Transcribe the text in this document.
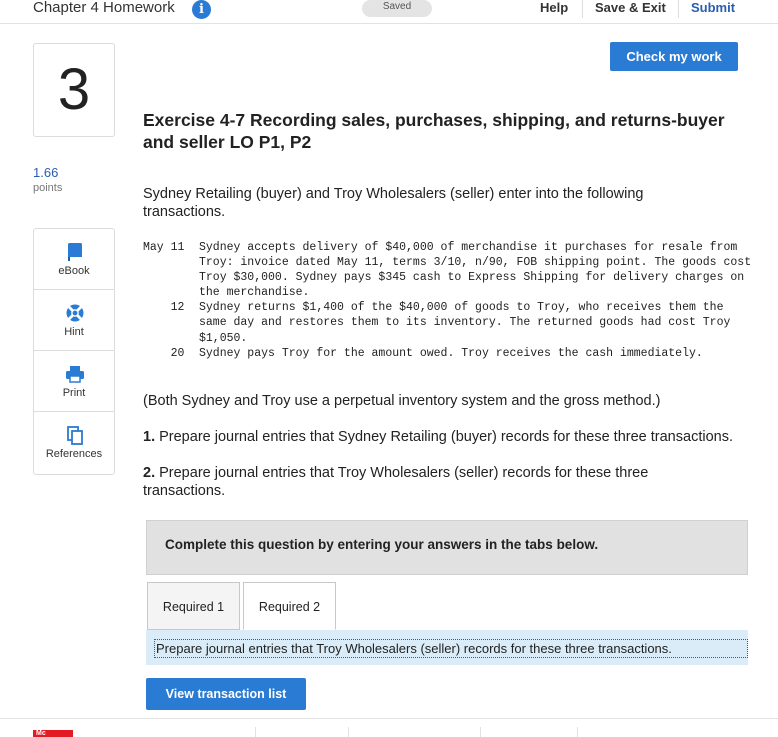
Chapter 4 Homework	i	Saved	Help Save & Exit Submit
3
1.66
points
eBook
Hint
Print
References
Check my work
Exercise 4-7 Recording sales, purchases, shipping, and returns-buyer and seller LO P1, P2
Sydney Retailing (buyer) and Troy Wholesalers (seller) enter into the following transactions.
May 11	Sydney accepts delivery of $40,000 of merchandise it purchases for resale from Troy: invoice dated May 11, terms 3/10, n/90, FOB shipping point. The goods cost Troy $30,000. Sydney pays $345 cash to Express Shipping for delivery charges on the merchandise.
12	Sydney returns $1,400 of the $40,000 of goods to Troy, who receives them the same day and restores them to its inventory. The returned goods had cost Troy $1,050.
20	Sydney pays Troy for the amount owed. Troy receives the cash immediately.
(Both Sydney and Troy use a perpetual inventory system and the gross method.)
1. Prepare journal entries that Sydney Retailing (buyer) records for these three transactions.
2. Prepare journal entries that Troy Wholesalers (seller) records for these three transactions.
Complete this question by entering your answers in the tabs below.
Required 1	Required 2
Prepare journal entries that Troy Wholesalers (seller) records for these three transactions.
View transaction list
Mc
